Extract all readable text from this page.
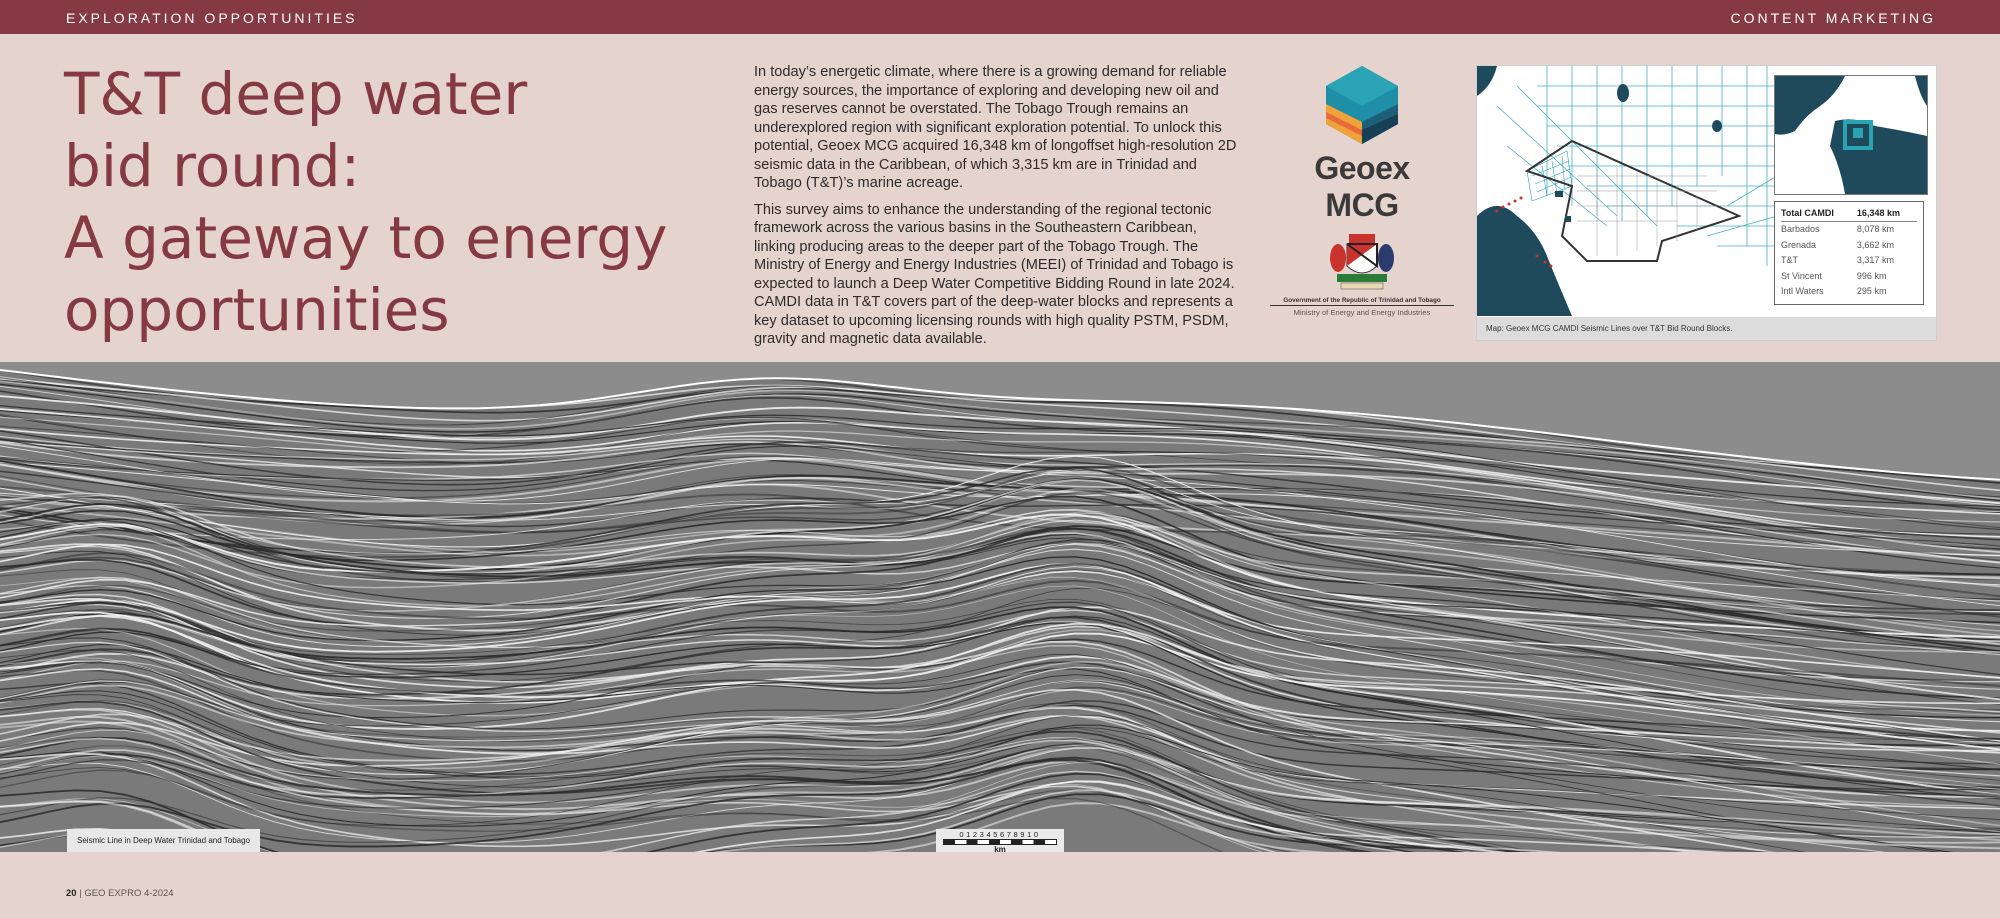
EXPLORATION OPPORTUNITIES	CONTENT MARKETING
T&T deep water
bid round:
A gateway to energy
opportunities

In today’s energetic climate, where there is a growing demand for reliable energy sources, the importance of exploring and developing new oil and gas reserves cannot be overstated. The Tobago Trough remains an underexplored region with significant exploration potential. To unlock this potential, Geoex MCG acquired 16,348 km of longoffset high-resolution 2D seismic data in the Caribbean, of which 3,315 km are in Trinidad and Tobago (T&T)’s marine acreage.

This survey aims to enhance the understanding of the regional tectonic framework across the various basins in the Southeastern Caribbean, linking producing areas to the deeper part of the Tobago Trough. The Ministry of Energy and Energy Industries (MEEI) of Trinidad and Tobago is expected to launch a Deep Water Competitive Bidding Round in late 2024. CAMDI data in T&T covers part of the deep-water blocks and represents a key dataset to upcoming licensing rounds with high quality PSTM, PSDM, gravity and magnetic data available.

Geoex MCG
Government of the Republic of Trinidad and Tobago
Ministry of Energy and Energy Industries
Total CAMDI	16,348 km
Barbados	8,078 km
Grenada	3,662 km
T&T	3,317 km
St Vincent	996 km
Intl Waters	295 km
Map: Geoex MCG CAMDI Seismic Lines over T&T Bid Round Blocks.
Seismic Line in Deep Water Trinidad and Tobago
012345678910
km
20 | GEO EXPRO 4-2024
